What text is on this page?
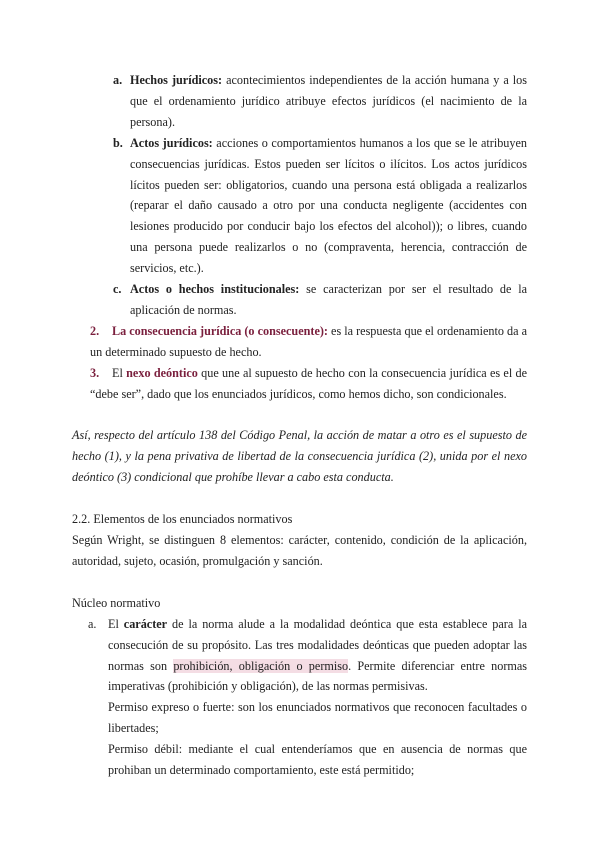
a. Hechos jurídicos: acontecimientos independientes de la acción humana y a los que el ordenamiento jurídico atribuye efectos jurídicos (el nacimiento de la persona).

b. Actos jurídicos: acciones o comportamientos humanos a los que se le atribuyen consecuencias jurídicas. Estos pueden ser lícitos o ilícitos. Los actos jurídicos lícitos pueden ser: obligatorios, cuando una persona está obligada a realizarlos (reparar el daño causado a otro por una conducta negligente (accidentes con lesiones producido por conducir bajo los efectos del alcohol)); o libres, cuando una persona puede realizarlos o no (compraventa, herencia, contracción de servicios, etc.).

c. Actos o hechos institucionales: se caracterizan por ser el resultado de la aplicación de normas.

2.	La consecuencia jurídica (o consecuente): es la respuesta que el ordenamiento da a un determinado supuesto de hecho.

3.	El nexo deóntico que une al supuesto de hecho con la consecuencia jurídica es el de “debe ser”, dado que los enunciados jurídicos, como hemos dicho, son condicionales.

Así, respecto del artículo 138 del Código Penal, la acción de matar a otro es el supuesto de hecho (1), y la pena privativa de libertad de la consecuencia jurídica (2), unida por el nexo deóntico (3) condicional que prohíbe llevar a cabo esta conducta.

2.2. Elementos de los enunciados normativos

Según Wright, se distinguen 8 elementos: carácter, contenido, condición de la aplicación, autoridad, sujeto, ocasión, promulgación y sanción.

Núcleo normativo

a. El carácter de la norma alude a la modalidad deóntica que esta establece para la consecución de su propósito. Las tres modalidades deónticas que pueden adoptar las normas son prohibición, obligación o permiso. Permite diferenciar entre normas imperativas (prohibición y obligación), de las normas permisivas.

Permiso expreso o fuerte: son los enunciados normativos que reconocen facultades o libertades;

Permiso débil: mediante el cual entenderíamos que en ausencia de normas que prohiban un determinado comportamiento, este está permitido;
